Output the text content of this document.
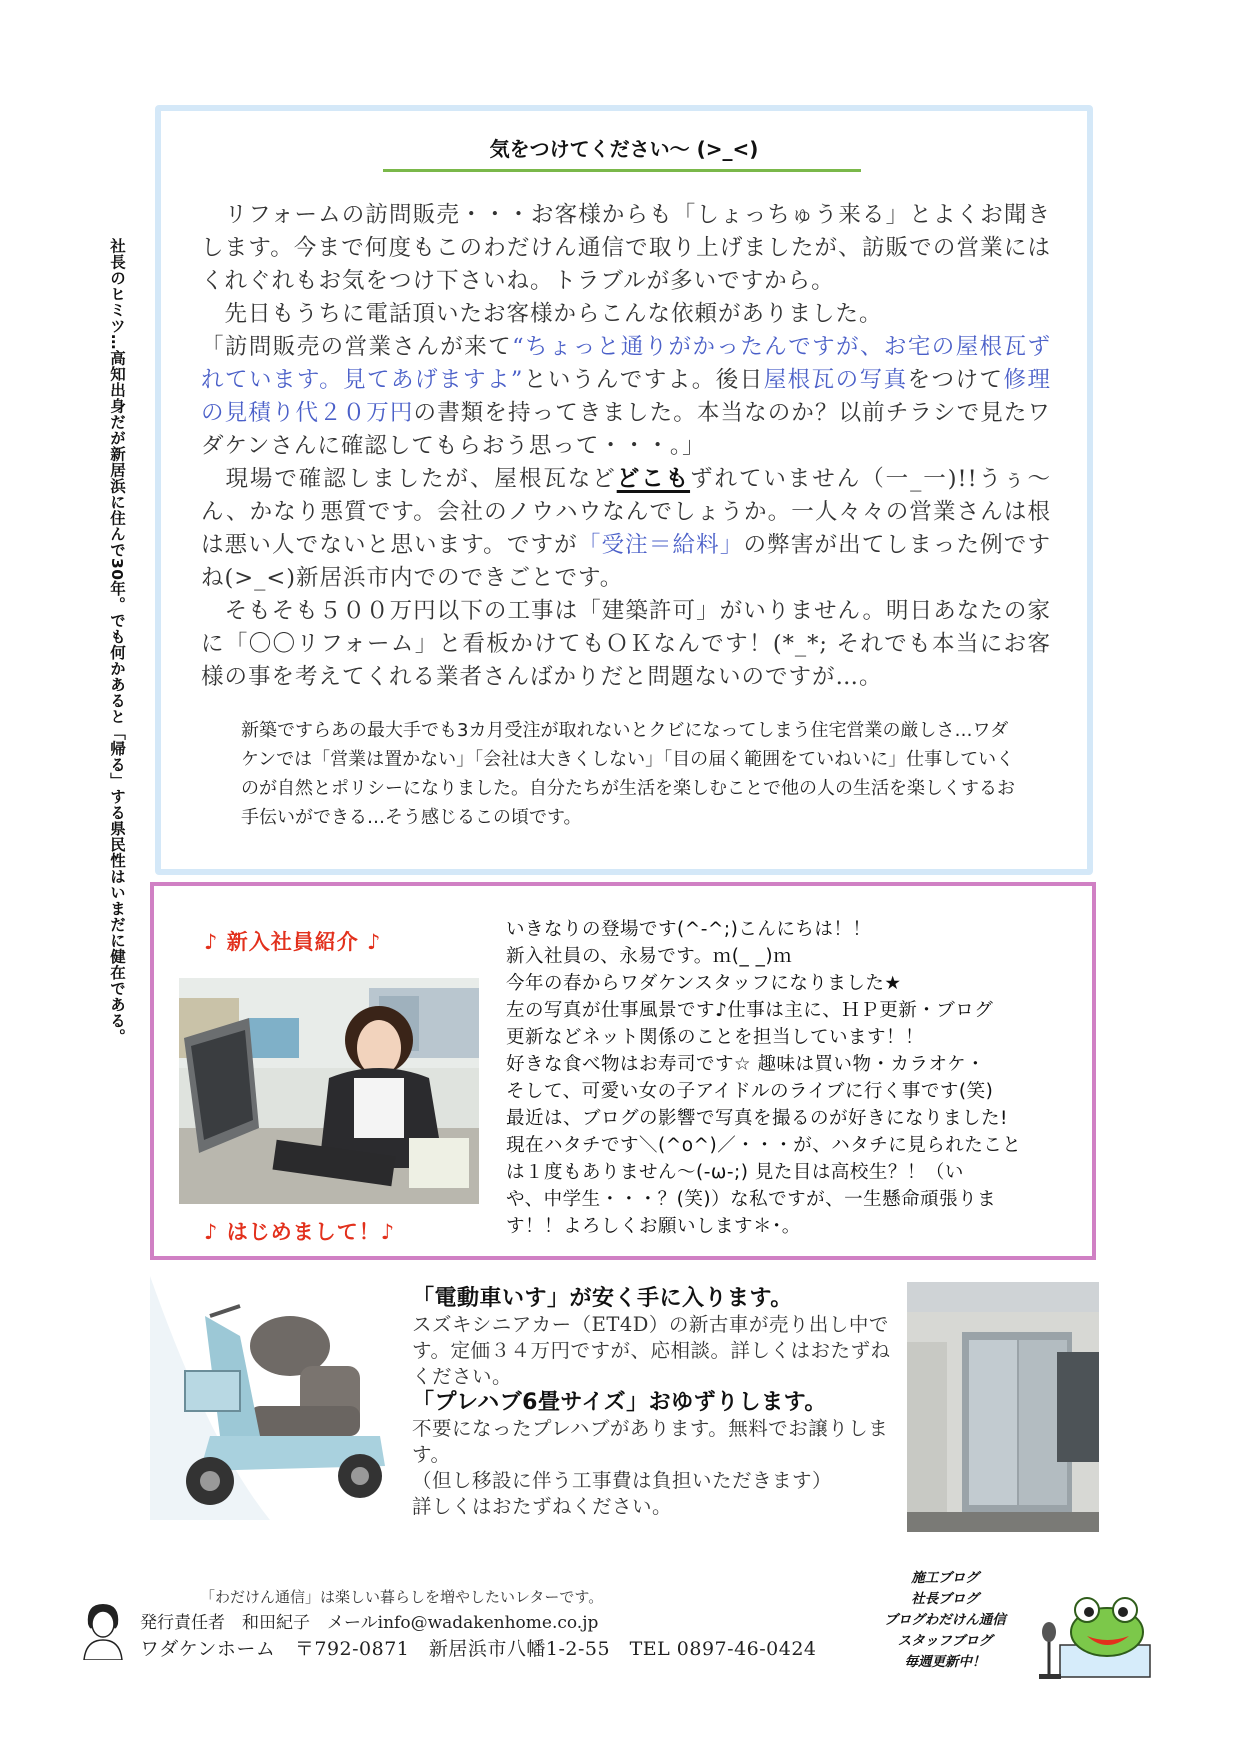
社長のヒミツ…高知出身だが新居浜に住んで30年。でも何かあると「帰る」する県民性はいまだに健在である。
気をつけてください～ (>_<)

　リフォームの訪問販売・・・お客様からも「しょっちゅう来る」とよくお聞きします。今まで何度もこのわだけん通信で取り上げましたが、訪販での営業にはくれぐれもお気をつけ下さいね。トラブルが多いですから。

　先日もうちに電話頂いたお客様からこんな依頼がありました。

「訪問販売の営業さんが来て“ちょっと通りがかったんですが、お宅の屋根瓦ずれています。見てあげますよ”というんですよ。後日屋根瓦の写真をつけて修理の見積り代２０万円の書類を持ってきました。本当なのか？以前チラシで見たワダケンさんに確認してもらおう思って・・・。」

　現場で確認しましたが、屋根瓦などどこもずれていません（一_一)!!うぅ～ん、かなり悪質です。会社のノウハウなんでしょうか。一人々々の営業さんは根は悪い人でないと思います。ですが「受注＝給料」の弊害が出てしまった例ですね(>_<)新居浜市内でのできごとです。

　そもそも５００万円以下の工事は「建築許可」がいりません。明日あなたの家に「〇〇リフォーム」と看板かけてもＯＫなんです！(*_*; それでも本当にお客様の事を考えてくれる業者さんばかりだと問題ないのですが…。

新築ですらあの最大手でも3カ月受注が取れないとクビになってしまう住宅営業の厳しさ…ワダケンでは「営業は置かない」「会社は大きくしない」「目の届く範囲をていねいに」仕事していくのが自然とポリシーになりました。自分たちが生活を楽しむことで他の人の生活を楽しくするお手伝いができる…そう感じるこの頃です。
♪ 新入社員紹介 ♪
♪ はじめまして！♪
いきなりの登場です(^-^;)こんにちは！！
新入社員の、永易です。ｍ(_ _)ｍ
今年の春からワダケンスタッフになりました★
左の写真が仕事風景です♪仕事は主に、ＨＰ更新・ブログ
更新などネット関係のことを担当しています！！
好きな食べ物はお寿司です☆ 趣味は買い物・カラオケ・
そして、可愛い女の子アイドルのライブに行く事です(笑)
最近は、ブログの影響で写真を撮るのが好きになりました!
現在ハタチです＼(^o^)／・・・が、ハタチに見られたこと
は１度もありません～(-ω-;) 見た目は高校生？！（い
や、中学生・・・？(笑)）な私ですが、一生懸命頑張りま
す！！よろしくお願いします＊･｡
「電動車いす」が安く手に入ります。
スズキシニアカー（ET4D）の新古車が売り出し中です。定価３４万円ですが、応相談。詳しくはおたずねください。
「プレハブ6畳サイズ」おゆずりします。
不要になったプレハブがあります。無料でお譲りします。
（但し移設に伴う工事費は負担いただきます）
詳しくはおたずねください。
「わだけん通信」は楽しい暮らしを増やしたいレターです。
発行責任者　和田紀子　メールinfo@wadakenhome.co.jp
ワダケンホーム　〒792-0871　新居浜市八幡1-2-55　TEL 0897-46-0424
施工ブログ
社長ブログ
ブログわだけん通信
スタッフブログ
毎週更新中！
